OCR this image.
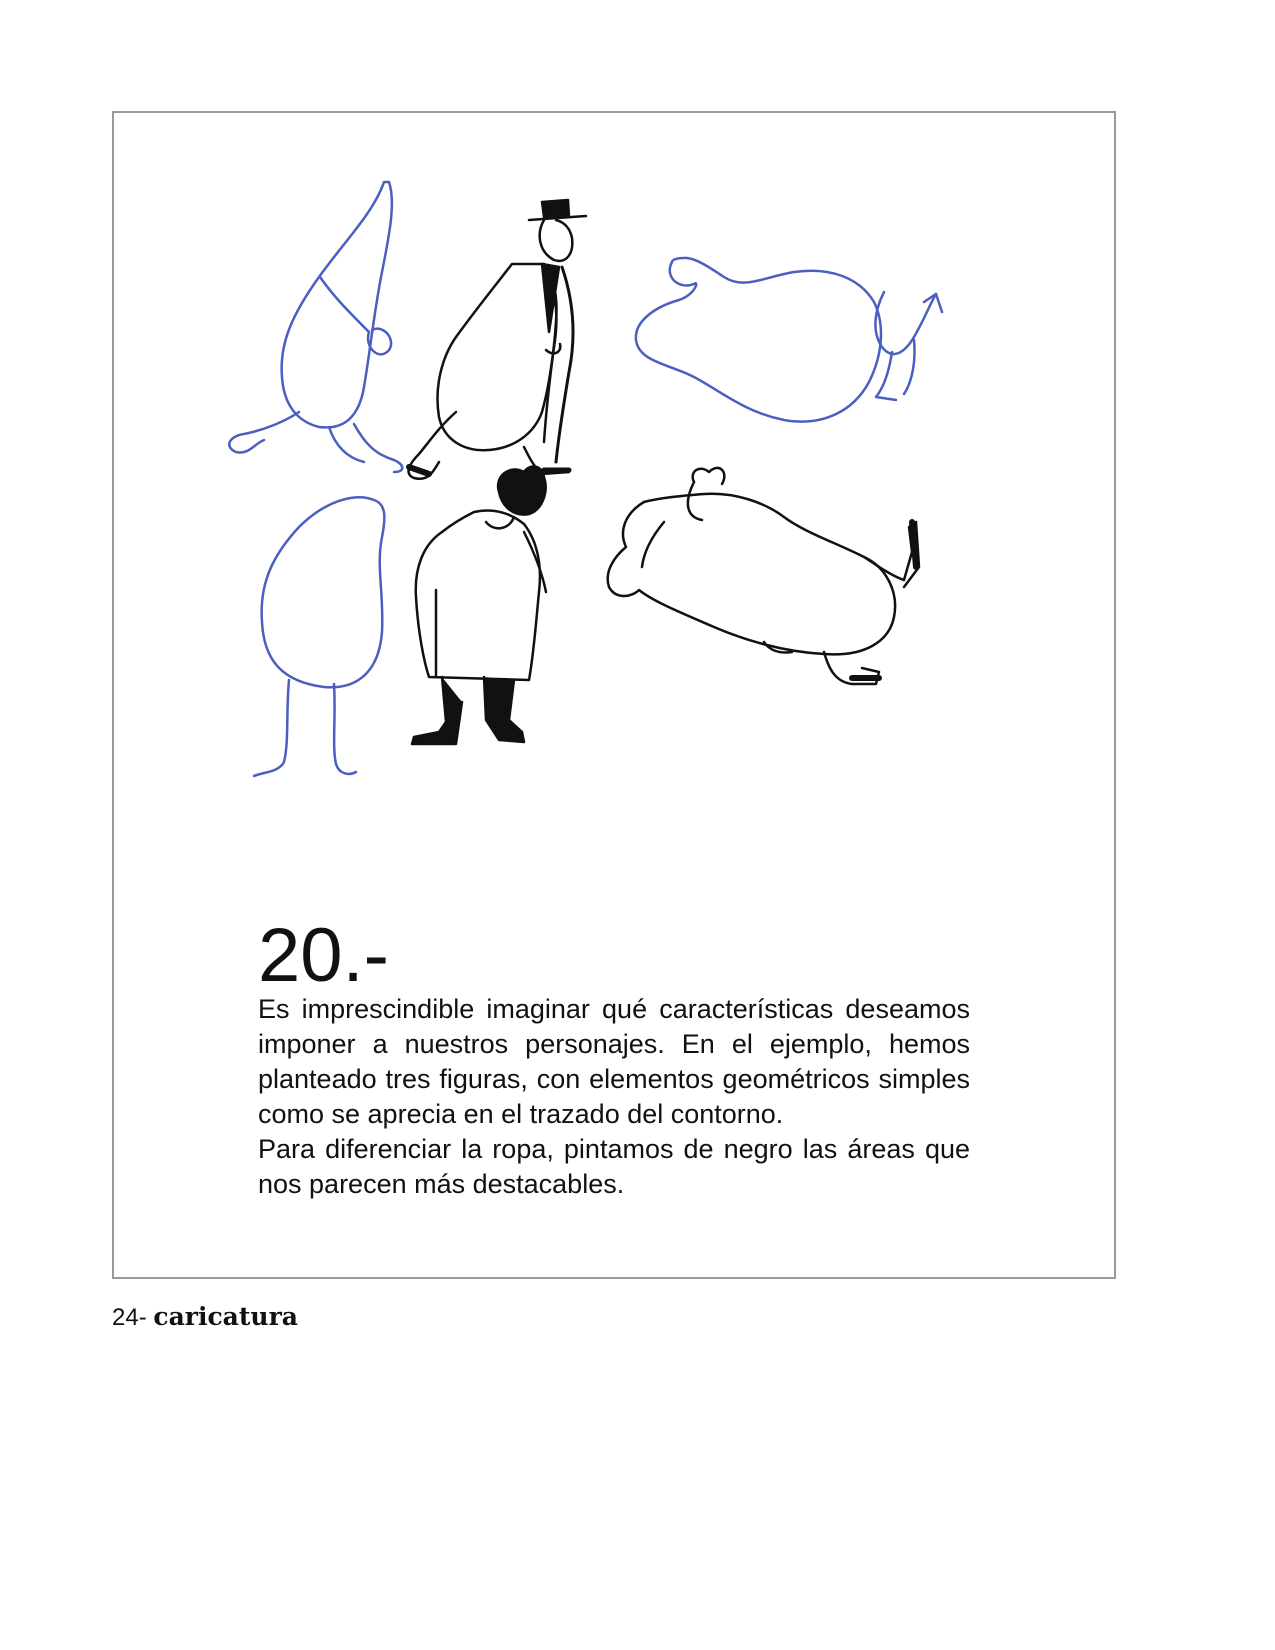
20.-

Es imprescindible imaginar qué características deseamos imponer a nuestros personajes. En el ejemplo, hemos planteado tres figuras, con elementos geométricos simples como se aprecia en el trazado del contorno.

Para diferenciar la ropa, pintamos de negro las áreas que nos parecen más destacables.

24- caricatura
